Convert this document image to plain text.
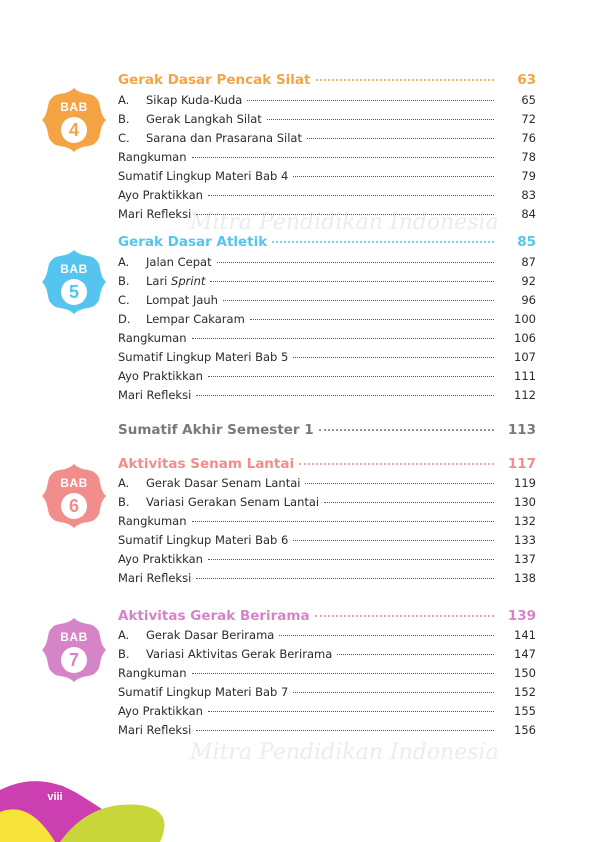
Mitra Pendidikan Indonesia
Mitra Pendidikan Indonesia
BAB
4
Gerak Dasar Pencak Silat	63
A.	Sikap Kuda-Kuda	65
B.	Gerak Langkah Silat	72
C.	Sarana dan Prasarana Silat	76
Rangkuman	78
Sumatif Lingkup Materi Bab 4	79
Ayo Praktikkan	83
Mari Refleksi	84
BAB
5
Gerak Dasar Atletik	85
A.	Jalan Cepat	87
B.	Lari Sprint	92
C.	Lompat Jauh	96
D.	Lempar Cakaram	100
Rangkuman	106
Sumatif Lingkup Materi Bab 5	107
Ayo Praktikkan	111
Mari Refleksi	112
Sumatif Akhir Semester 1	113
BAB
6
Aktivitas Senam Lantai	117
A.	Gerak Dasar Senam Lantai	119
B.	Variasi Gerakan Senam Lantai	130
Rangkuman	132
Sumatif Lingkup Materi Bab 6	133
Ayo Praktikkan	137
Mari Refleksi	138
BAB
7
Aktivitas Gerak Berirama	139
A.	Gerak Dasar Berirama	141
B.	Variasi Aktivitas Gerak Berirama	147
Rangkuman	150
Sumatif Lingkup Materi Bab 7	152
Ayo Praktikkan	155
Mari Refleksi	156
viii
